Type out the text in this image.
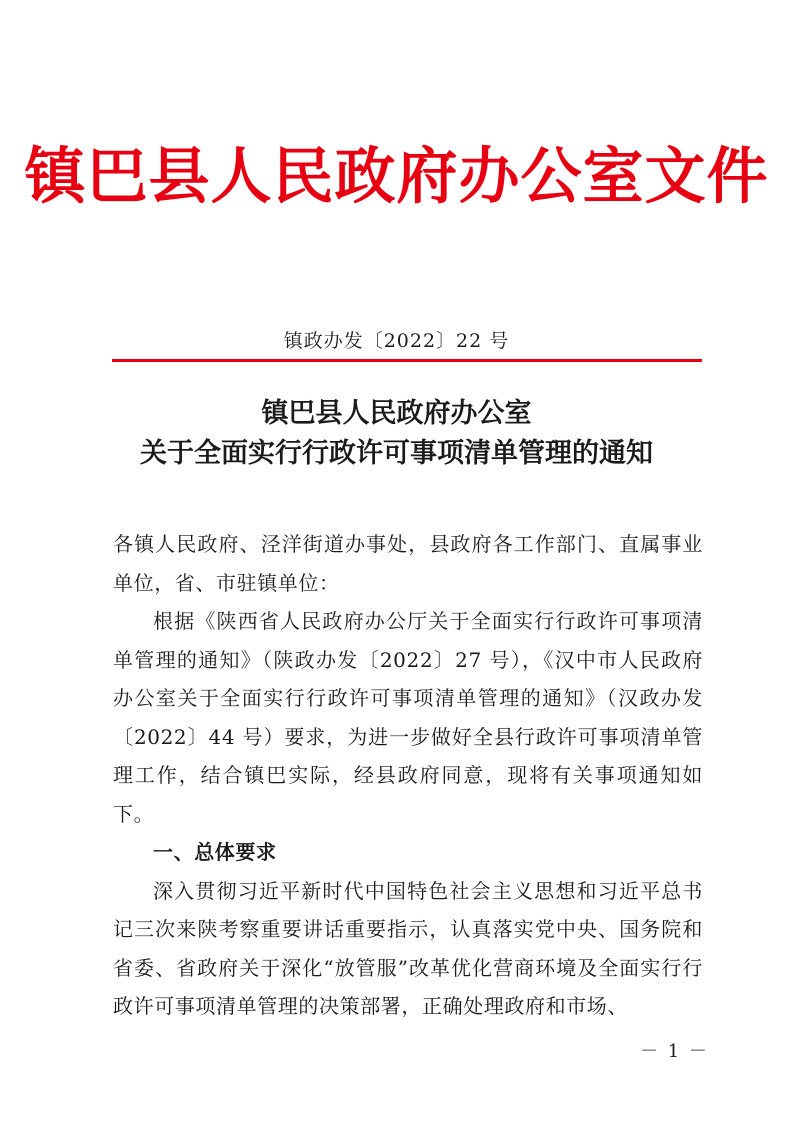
镇巴县人民政府办公室文件
镇政办发〔2022〕22 号
镇巴县人民政府办公室
关于全面实行行政许可事项清单管理的通知

各镇人民政府、泾洋街道办事处，县政府各工作部门、直属事业单位，省、市驻镇单位：

根据《陕西省人民政府办公厅关于全面实行行政许可事项清单管理的通知》（陕政办发〔2022〕27 号），《汉中市人民政府办公室关于全面实行行政许可事项清单管理的通知》（汉政办发〔2022〕44 号）要求，为进一步做好全县行政许可事项清单管理工作，结合镇巴实际，经县政府同意，现将有关事项通知如下。

一、总体要求

深入贯彻习近平新时代中国特色社会主义思想和习近平总书记三次来陕考察重要讲话重要指示，认真落实党中央、国务院和省委、省政府关于深化“放管服”改革优化营商环境及全面实行行政许可事项清单管理的决策部署，正确处理政府和市场、

－ 1 －
